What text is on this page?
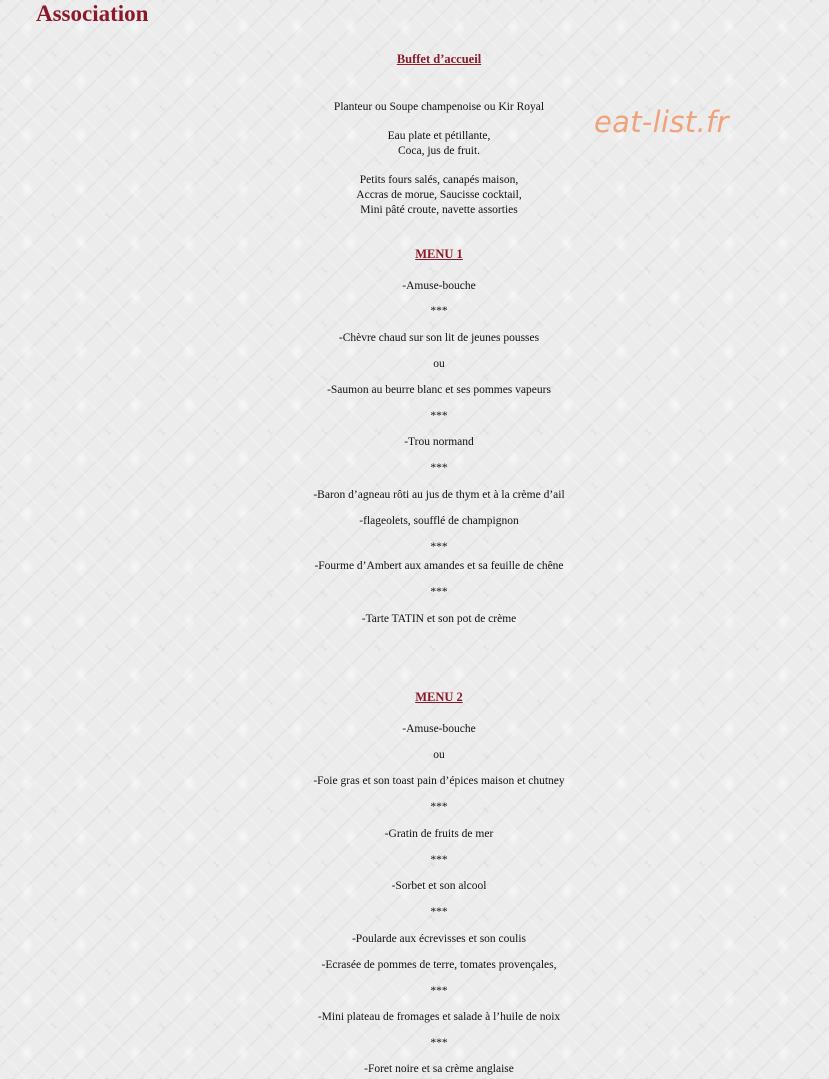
Association
eat-list.fr
Buffet d’accueil
Planteur ou Soupe champenoise ou Kir Royal
Eau plate et pétillante,
Coca, jus de fruit.
Petits fours salés, canapés maison,
Accras de morue, Saucisse cocktail,
Mini pâté croute, navette assorties
MENU 1
-Amuse-bouche
***
-Chèvre chaud sur son lit de jeunes pousses
ou
-Saumon au beurre blanc et ses pommes vapeurs
***
-Trou normand
***
-Baron d’agneau rôti au jus de thym et à la crème d’ail
-flageolets, soufflé de champignon
***
-Fourme d’Ambert aux amandes et sa feuille de chêne
***
-Tarte TATIN et son pot de crème
MENU 2
-Amuse-bouche
ou
-Foie gras et son toast pain d’épices maison et chutney
***
-Gratin de fruits de mer
***
-Sorbet et son alcool
***
-Poularde aux écrevisses et son coulis
-Ecrasée de pommes de terre, tomates provençales,
***
-Mini plateau de fromages et salade à l’huile de noix
***
-Foret noire et sa crème anglaise
